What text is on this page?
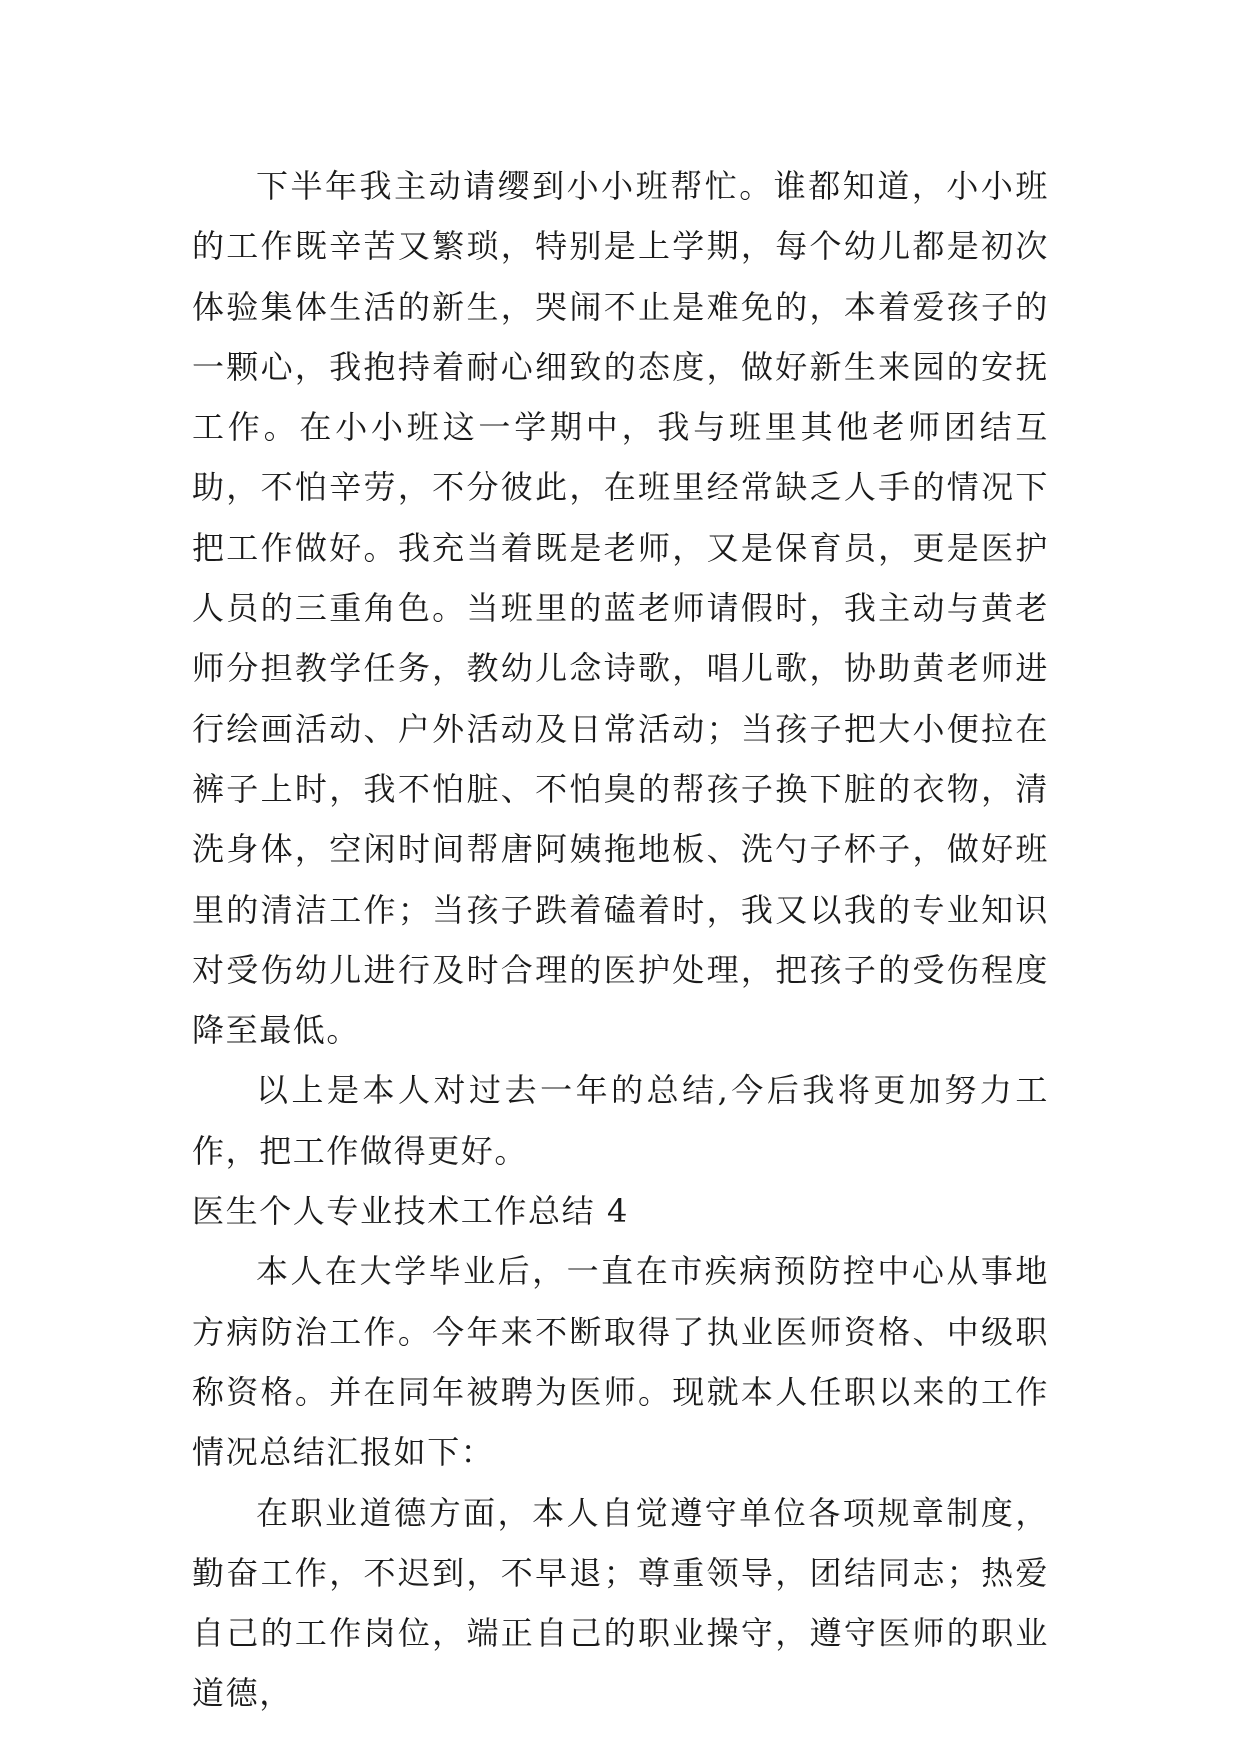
下半年我主动请缨到小小班帮忙。谁都知道，小小班的工作既辛苦又繁琐，特别是上学期，每个幼儿都是初次体验集体生活的新生，哭闹不止是难免的，本着爱孩子的一颗心，我抱持着耐心细致的态度，做好新生来园的安抚工作。在小小班这一学期中，我与班里其他老师团结互助，不怕辛劳，不分彼此，在班里经常缺乏人手的情况下把工作做好。我充当着既是老师，又是保育员，更是医护人员的三重角色。当班里的蓝老师请假时，我主动与黄老师分担教学任务，教幼儿念诗歌，唱儿歌，协助黄老师进行绘画活动、户外活动及日常活动；当孩子把大小便拉在裤子上时，我不怕脏、不怕臭的帮孩子换下脏的衣物，清洗身体，空闲时间帮唐阿姨拖地板、洗勺子杯子，做好班里的清洁工作；当孩子跌着磕着时，我又以我的专业知识对受伤幼儿进行及时合理的医护处理，把孩子的受伤程度降至最低。

以上是本人对过去一年的总结,今后我将更加努力工作，把工作做得更好。

医生个人专业技术工作总结 4

本人在大学毕业后，一直在市疾病预防控中心从事地方病防治工作。今年来不断取得了执业医师资格、中级职称资格。并在同年被聘为医师。现就本人任职以来的工作情况总结汇报如下：

在职业道德方面，本人自觉遵守单位各项规章制度，勤奋工作，不迟到，不早退；尊重领导，团结同志；热爱自己的工作岗位，端正自己的职业操守，遵守医师的职业道德，
